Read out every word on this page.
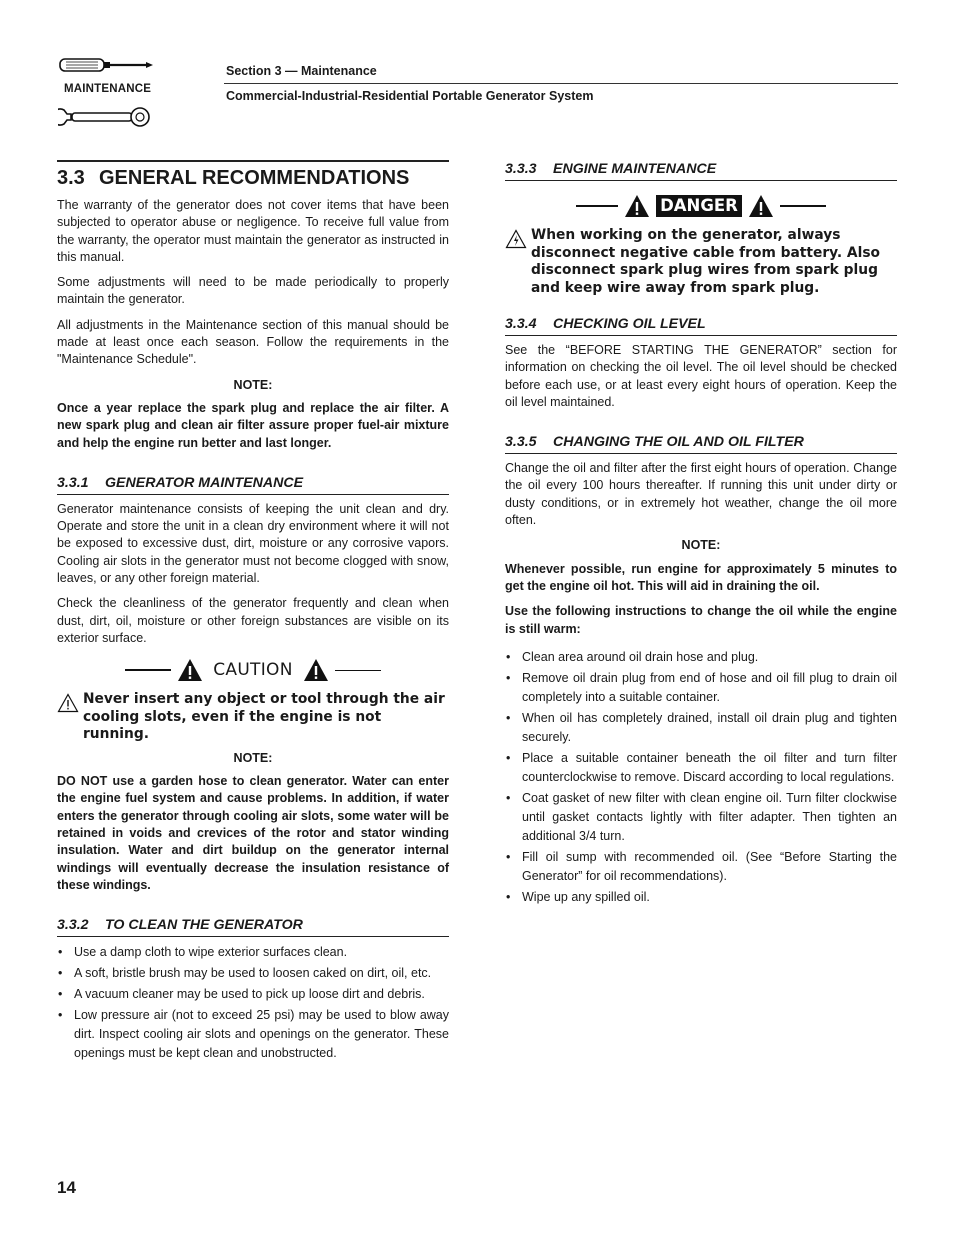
MAINTENANCE
Section 3 — Maintenance
Commercial-Industrial-Residential Portable Generator System
3.3 GENERAL RECOMMENDATIONS

The warranty of the generator does not cover items that have been subjected to operator abuse or negligence. To receive full value from the warranty, the operator must maintain the generator as instructed in this manual.

Some adjustments will need to be made periodically to properly maintain the generator.

All adjustments in the Maintenance section of this manual should be made at least once each season. Follow the requirements in the "Maintenance Schedule".

NOTE:

Once a year replace the spark plug and replace the air filter. A new spark plug and clean air filter assure proper fuel-air mixture and help the engine run better and last longer.

3.3.1 GENERATOR MAINTENANCE

Generator maintenance consists of keeping the unit clean and dry. Operate and store the unit in a clean dry environment where it will not be exposed to excessive dust, dirt, moisture or any corrosive vapors. Cooling air slots in the generator must not become clogged with snow, leaves, or any other foreign material.

Check the cleanliness of the generator frequently and clean when dust, dirt, oil, moisture or other foreign substances are visible on its exterior surface.

CAUTION
Never insert any object or tool through the air cooling slots, even if the engine is not running.

NOTE:

DO NOT use a garden hose to clean generator. Water can enter the engine fuel system and cause problems. In addition, if water enters the generator through cooling air slots, some water will be retained in voids and crevices of the rotor and stator winding insulation. Water and dirt buildup on the generator internal windings will eventually decrease the insulation resistance of these windings.

3.3.2 TO CLEAN THE GENERATOR
• Use a damp cloth to wipe exterior surfaces clean.
• A soft, bristle brush may be used to loosen caked on dirt, oil, etc.
• A vacuum cleaner may be used to pick up loose dirt and debris.
• Low pressure air (not to exceed 25 psi) may be used to blow away dirt. Inspect cooling air slots and openings on the generator. These openings must be kept clean and unobstructed.
3.3.3 ENGINE MAINTENANCE
DANGER
When working on the generator, always disconnect negative cable from battery. Also disconnect spark plug wires from spark plug and keep wire away from spark plug.
3.3.4 CHECKING OIL LEVEL

See the “BEFORE STARTING THE GENERATOR” section for information on checking the oil level. The oil level should be checked before each use, or at least every eight hours of operation. Keep the oil level maintained.

3.3.5 CHANGING THE OIL AND OIL FILTER

Change the oil and filter after the first eight hours of operation. Change the oil every 100 hours thereafter. If running this unit under dirty or dusty conditions, or in extremely hot weather, change the oil more often.

NOTE:

Whenever possible, run engine for approximately 5 minutes to get the engine oil hot. This will aid in draining the oil.

Use the following instructions to change the oil while the engine is still warm:

• Clean area around oil drain hose and plug.
• Remove oil drain plug from end of hose and oil fill plug to drain oil completely into a suitable container.
• When oil has completely drained, install oil drain plug and tighten securely.
• Place a suitable container beneath the oil filter and turn filter counterclockwise to remove. Discard according to local regulations.
• Coat gasket of new filter with clean engine oil. Turn filter clockwise until gasket contacts lightly with filter adapter. Then tighten an additional 3/4 turn.
• Fill oil sump with recommended oil. (See “Before Starting the Generator” for oil recommendations).
• Wipe up any spilled oil.
14
